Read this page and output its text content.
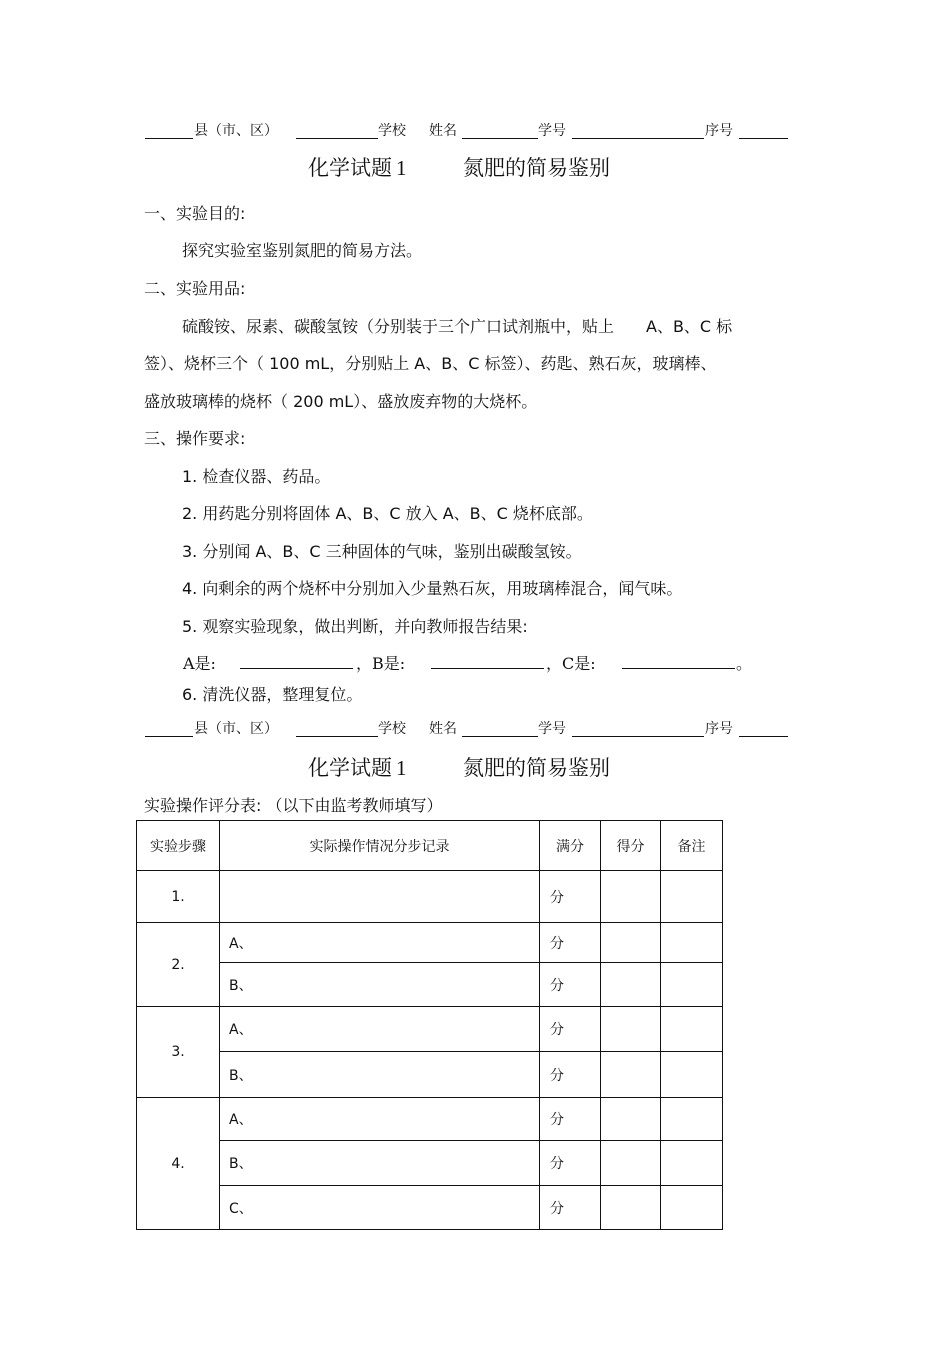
县（市、区）	学校 姓名	学号	序号
化学试题 1	氮肥的简易鉴别
一、实验目的:
探究实验室鉴别氮肥的简易方法。
二、实验用品:
硫酸铵、尿素、碳酸氢铵（分别装于三个广口试剂瓶中，贴上　　A、B、C 标
签）、烧杯三个（ 100 mL，分别贴上 A、B、C 标签）、药匙、熟石灰，玻璃棒、
盛放玻璃棒的烧杯（ 200 mL）、盛放废弃物的大烧杯。
三、操作要求:
1. 检查仪器、药品。
2. 用药匙分别将固体 A、B、C 放入 A、B、C 烧杯底部。
3. 分别闻 A、B、C 三种固体的气味，鉴别出碳酸氢铵。
4. 向剩余的两个烧杯中分别加入少量熟石灰，用玻璃棒混合，闻气味。
5. 观察实验现象，做出判断，并向教师报告结果:
A是:	，B是:	，C是:	。
6. 清洗仪器，整理复位。
县（市、区）	学校 姓名	学号	序号
化学试题 1	氮肥的简易鉴别
实验操作评分表: （以下由监考教师填写）
实验步骤	实际操作情况分步记录	满分	得分	备注
1.		分		
2.	A、	分		
	B、	分		
3.	A、	分		
	B、	分		
4.	A、	分		
	B、	分		
	C、	分		
